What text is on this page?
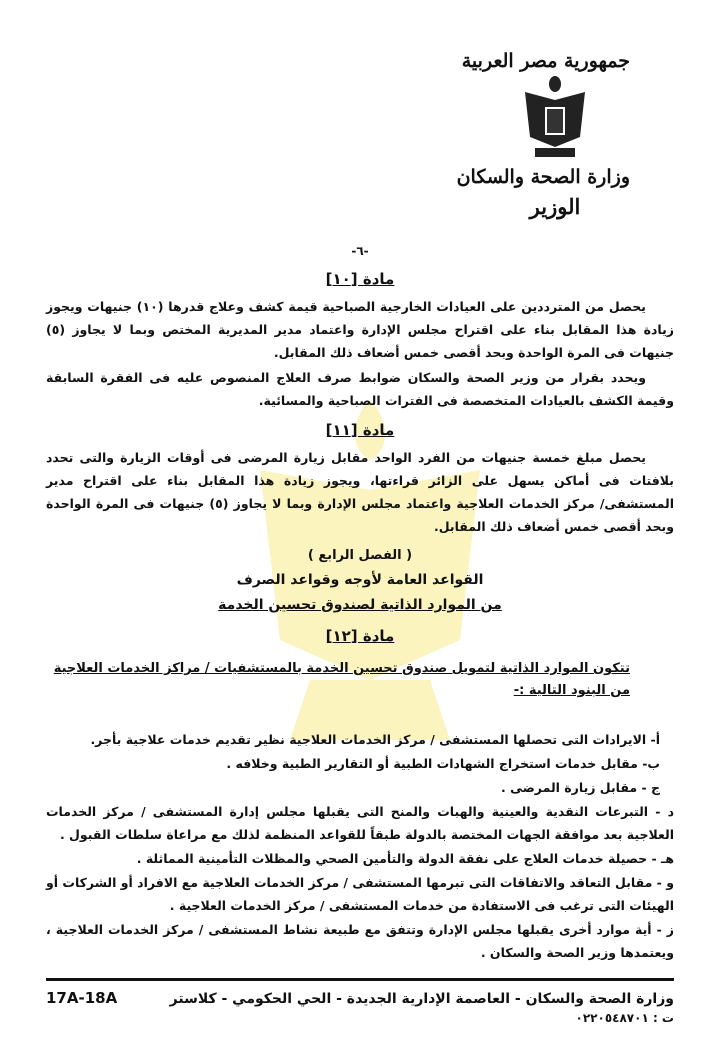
جمهورية مصر العربية
وزارة الصحة والسكان
الوزير
-٦-
مادة [١٠]

يحصل من المترددين على العيادات الخارجية الصباحية قيمة كشف وعلاج قدرها (١٠) جنيهات ويجوز زيادة هذا المقابل بناء على اقتراح مجلس الإدارة واعتماد مدير المديرية المختص وبما لا يجاوز (٥) جنيهات فى المرة الواحدة وبحد أقصى خمس أضعاف ذلك المقابل.

ويحدد بقرار من وزير الصحة والسكان ضوابط صرف العلاج المنصوص عليه فى الفقرة السابقة وقيمة الكشف بالعيادات المتخصصة فى الفترات الصباحية والمسائية.

مادة [١١]

يحصل مبلغ خمسة جنيهات من الفرد الواحد مقابل زيارة المرضى فى أوقات الزيارة والتى تحدد بلافتات فى أماكن يسهل على الزائر قراءتها، ويجوز زيادة هذا المقابل بناء على اقتراح مدير المستشفى/ مركز الخدمات العلاجية واعتماد مجلس الإدارة وبما لا يجاوز (٥) جنيهات فى المرة الواحدة وبحد أقصى خمس أضعاف ذلك المقابل.

( الفصل الرابع )
القواعد العامة لأوجه وقواعد الصرف
من الموارد الذاتية لصندوق تحسين الخدمة
مادة [١٢]
تتكون الموارد الذاتية لتمويل صندوق تحسين الخدمة بالمستشفيات / مراكز الخدمات العلاجية من البنود التالية :-
أ- الايرادات التى تحصلها المستشفى / مركز الخدمات العلاجية نظير تقديم خدمات علاجية بأجر.
ب- مقابل خدمات استخراج الشهادات الطبية أو التقارير الطبية وخلافه .
ج - مقابل زيارة المرضى .
د - التبرعات النقدية والعينية والهبات والمنح التى يقبلها مجلس إدارة المستشفى / مركز الخدمات العلاجية بعد موافقة الجهات المختصة بالدولة طبقاً للقواعد المنظمة لذلك مع مراعاة سلطات القبول .
هـ - حصيلة خدمات العلاج على نفقة الدولة والتأمين الصحي والمظلات التأمينية المماثلة .
و - مقابل التعاقد والاتفاقات التى تبرمها المستشفى / مركز الخدمات العلاجية مع الافراد أو الشركات أو الهيئات التى ترغب فى الاستفادة من خدمات المستشفى / مركز الخدمات العلاجية .
ز - أية موارد أخرى يقبلها مجلس الإدارة وتتفق مع طبيعة نشاط المستشفى / مركز الخدمات العلاجية ، ويعتمدها وزير الصحة والسكان .
وزارة الصحة والسكان - العاصمة الإدارية الجديدة - الحي الحكومي - كلاستر
17A-18A
ت : ٠٢٢٠٥٤٨٧٠١
